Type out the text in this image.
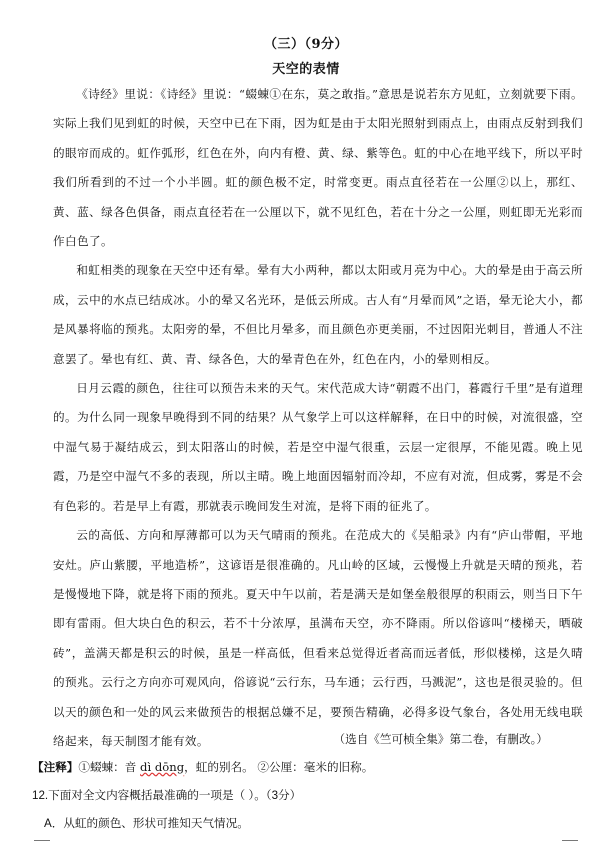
（三）（9分）
天空的表情

《诗经》里说：《诗经》里说：“蝃蝀①在东，莫之敢指。”意思是说若东方见虹，立刻就要下雨。实际上我们见到虹的时候，天空中已在下雨，因为虹是由于太阳光照射到雨点上，由雨点反射到我们的眼帘而成的。虹作弧形，红色在外，向内有橙、黄、绿、紫等色。虹的中心在地平线下，所以平时我们所看到的不过一个小半圆。虹的颜色极不定，时常变更。雨点直径若在一公厘②以上，那红、黄、蓝、绿各色俱备，雨点直径若在一公厘以下，就不见红色，若在十分之一公厘，则虹即无光彩而作白色了。

和虹相类的现象在天空中还有晕。晕有大小两种，都以太阳或月亮为中心。大的晕是由于高云所成，云中的水点已结成冰。小的晕又名光环，是低云所成。古人有“月晕而风”之语，晕无论大小，都是风暴将临的预兆。太阳旁的晕，不但比月晕多，而且颜色亦更美丽，不过因阳光刺目，普通人不注意罢了。晕也有红、黄、青、绿各色，大的晕青色在外，红色在内，小的晕则相反。

日月云霞的颜色，往往可以预告未来的天气。宋代范成大诗“朝霞不出门，暮霞行千里”是有道理的。为什么同一现象早晚得到不同的结果？从气象学上可以这样解释，在日中的时候，对流很盛，空中湿气易于凝结成云，到太阳落山的时候，若是空中湿气很重，云层一定很厚，不能见霞。晚上见霞，乃是空中湿气不多的表现，所以主晴。晚上地面因辐射而冷却，不应有对流，但成雾，雾是不会有色彩的。若是早上有霞，那就表示晚间发生对流，是将下雨的征兆了。

云的高低、方向和厚薄都可以为天气晴雨的预兆。在范成大的《吴船录》内有“庐山带帽，平地安灶。庐山紫腰，平地造桥”，这谚语是很准确的。凡山岭的区域，云慢慢上升就是天晴的预兆，若是慢慢地下降，就是将下雨的预兆。夏天中午以前，若是满天是如堡垒般很厚的积雨云，则当日下午即有雷雨。但大块白色的积云，若不十分浓厚，虽满布天空，亦不降雨。所以俗谚叫“楼梯天，晒破砖”，盖满天都是积云的时候，虽是一样高低，但看来总觉得近者高而远者低，形似楼梯，这是久晴的预兆。云行之方向亦可观风向，俗谚说“云行东，马车通；云行西，马溅泥”，这也是很灵验的。但以天的颜色和一处的风云来做预告的根据总嫌不足，要预告精确，必得多设气象台，各处用无线电联络起来，每天制图才能有效。	（选自《竺可桢全集》第二卷，有删改。）
【注释】①蝃蝀：音 dì dōng，虹的别名。 ②公厘：毫米的旧称。
12.下面对全文内容概括最准确的一项是（ ）。（3分）
A．从虹的颜色、形状可推知天气情况。
